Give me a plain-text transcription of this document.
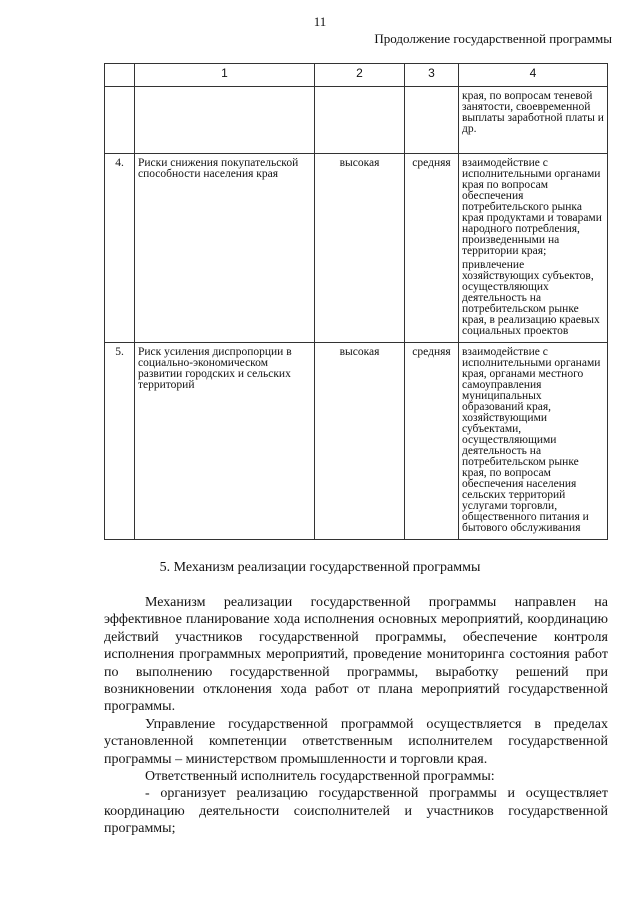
11
Продолжение государственной программы
	1	2	3	4
				края, по вопросам теневой занятости, своевременной выплаты заработной платы и др.
4.	Риски снижения покупательской способности населения края	высокая	средняя	взаимодействие с исполнительными органами края по вопросам обеспечения потребительского рынка края продуктами и товарами народного потребления, произведенными на территории края;
привлечение хозяйствующих субъектов, осуществляющих деятельность на потребительском рынке края, в реализацию краевых социальных проектов

5.	Риск усиления диспропорции в социально-экономическом развитии городских и сельских территорий	высокая	средняя	взаимодействие с исполнительными органами края, органами местного самоуправления муниципальных образований края, хозяйствующими субъектами, осуществляющими деятельность на потребительском рынке края, по вопросам обеспечения населения сельских территорий услугами торговли, общественного питания и бытового обслуживания
5. Механизм реализации государственной программы

Механизм реализации государственной программы направлен на эффективное планирование хода исполнения основных мероприятий, координацию действий участников государственной программы, обеспечение контроля исполнения программных мероприятий, проведение мониторинга состояния работ по выполнению государственной программы, выработку решений при возникновении отклонения хода работ от плана мероприятий государственной программы.

Управление государственной программой осуществляется в пределах установленной компетенции ответственным исполнителем государственной программы – министерством промышленности и торговли края.

Ответственный исполнитель государственной программы:

- организует реализацию государственной программы и осуществляет координацию деятельности соисполнителей и участников государственной программы;
